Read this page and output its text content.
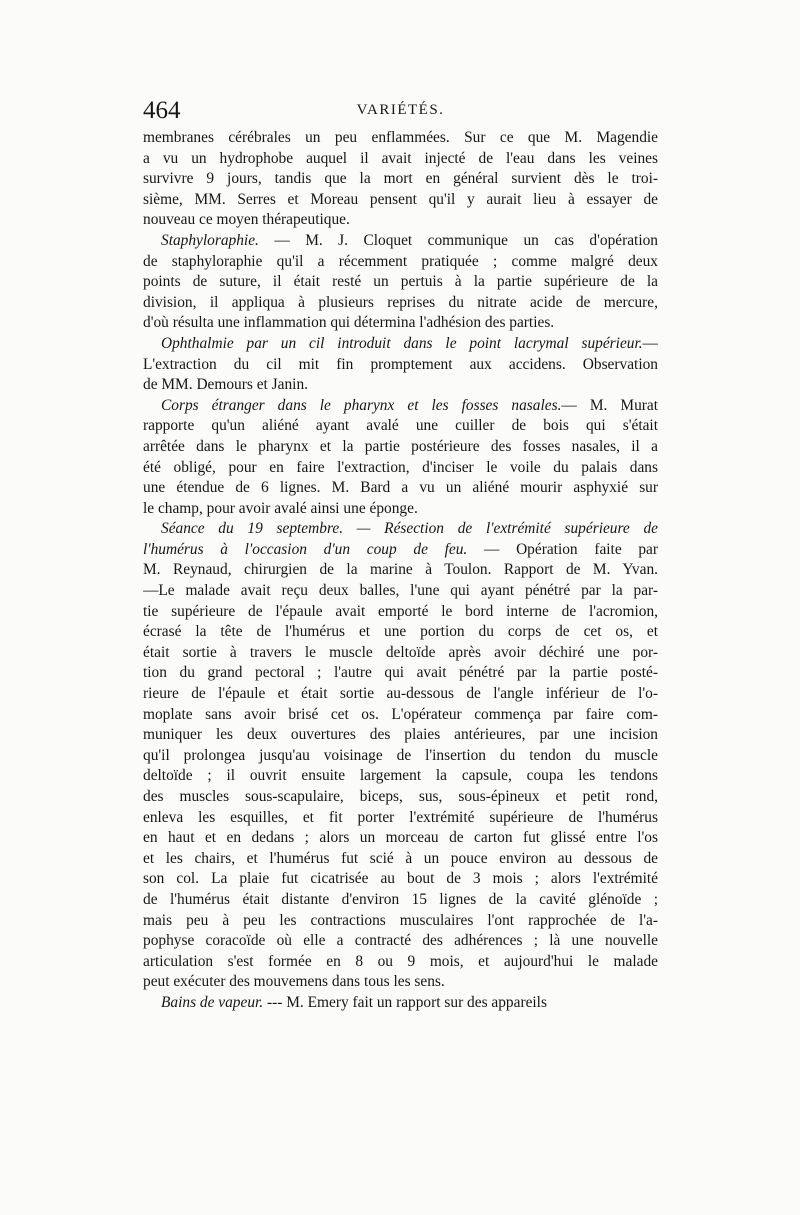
464	VARIÉTÉS.
membranes cérébrales un peu enflammées. Sur ce que M. Magendie
a vu un hydrophobe auquel il avait injecté de l'eau dans les veines
survivre 9 jours, tandis que la mort en général survient dès le troi-
sième, MM. Serres et Moreau pensent qu'il y aurait lieu à essayer de
nouveau ce moyen thérapeutique.
Staphyloraphie. — M. J. Cloquet communique un cas d'opération
de staphyloraphie qu'il a récemment pratiquée ; comme malgré deux
points de suture, il était resté un pertuis à la partie supérieure de la
division, il appliqua à plusieurs reprises du nitrate acide de mercure,
d'où résulta une inflammation qui détermina l'adhésion des parties.
Ophthalmie par un cil introduit dans le point lacrymal supérieur.—
L'extraction du cil mit fin promptement aux accidens. Observation
de MM. Demours et Janin.
Corps étranger dans le pharynx et les fosses nasales.— M. Murat
rapporte qu'un aliéné ayant avalé une cuiller de bois qui s'était
arrêtée dans le pharynx et la partie postérieure des fosses nasales, il a
été obligé, pour en faire l'extraction, d'inciser le voile du palais dans
une étendue de 6 lignes. M. Bard a vu un aliéné mourir asphyxié sur
le champ, pour avoir avalé ainsi une éponge.
Séance du 19 septembre. — Résection de l'extrémité supérieure de
l'humérus à l'occasion d'un coup de feu. — Opération faite par
M. Reynaud, chirurgien de la marine à Toulon. Rapport de M. Yvan.
—Le malade avait reçu deux balles, l'une qui ayant pénétré par la par-
tie supérieure de l'épaule avait emporté le bord interne de l'acromion,
écrasé la tête de l'humérus et une portion du corps de cet os, et
était sortie à travers le muscle deltoïde après avoir déchiré une por-
tion du grand pectoral ; l'autre qui avait pénétré par la partie posté-
rieure de l'épaule et était sortie au-dessous de l'angle inférieur de l'o-
moplate sans avoir brisé cet os. L'opérateur commença par faire com-
muniquer les deux ouvertures des plaies antérieures, par une incision
qu'il prolongea jusqu'au voisinage de l'insertion du tendon du muscle
deltoïde ; il ouvrit ensuite largement la capsule, coupa les tendons
des muscles sous-scapulaire, biceps, sus, sous-épineux et petit rond,
enleva les esquilles, et fit porter l'extrémité supérieure de l'humérus
en haut et en dedans ; alors un morceau de carton fut glissé entre l'os
et les chairs, et l'humérus fut scié à un pouce environ au dessous de
son col. La plaie fut cicatrisée au bout de 3 mois ; alors l'extrémité
de l'humérus était distante d'environ 15 lignes de la cavité glénoïde ;
mais peu à peu les contractions musculaires l'ont rapprochée de l'a-
pophyse coracoïde où elle a contracté des adhérences ; là une nouvelle
articulation s'est formée en 8 ou 9 mois, et aujourd'hui le malade
peut exécuter des mouvemens dans tous les sens.
Bains de vapeur. --- M. Emery fait un rapport sur des appareils
